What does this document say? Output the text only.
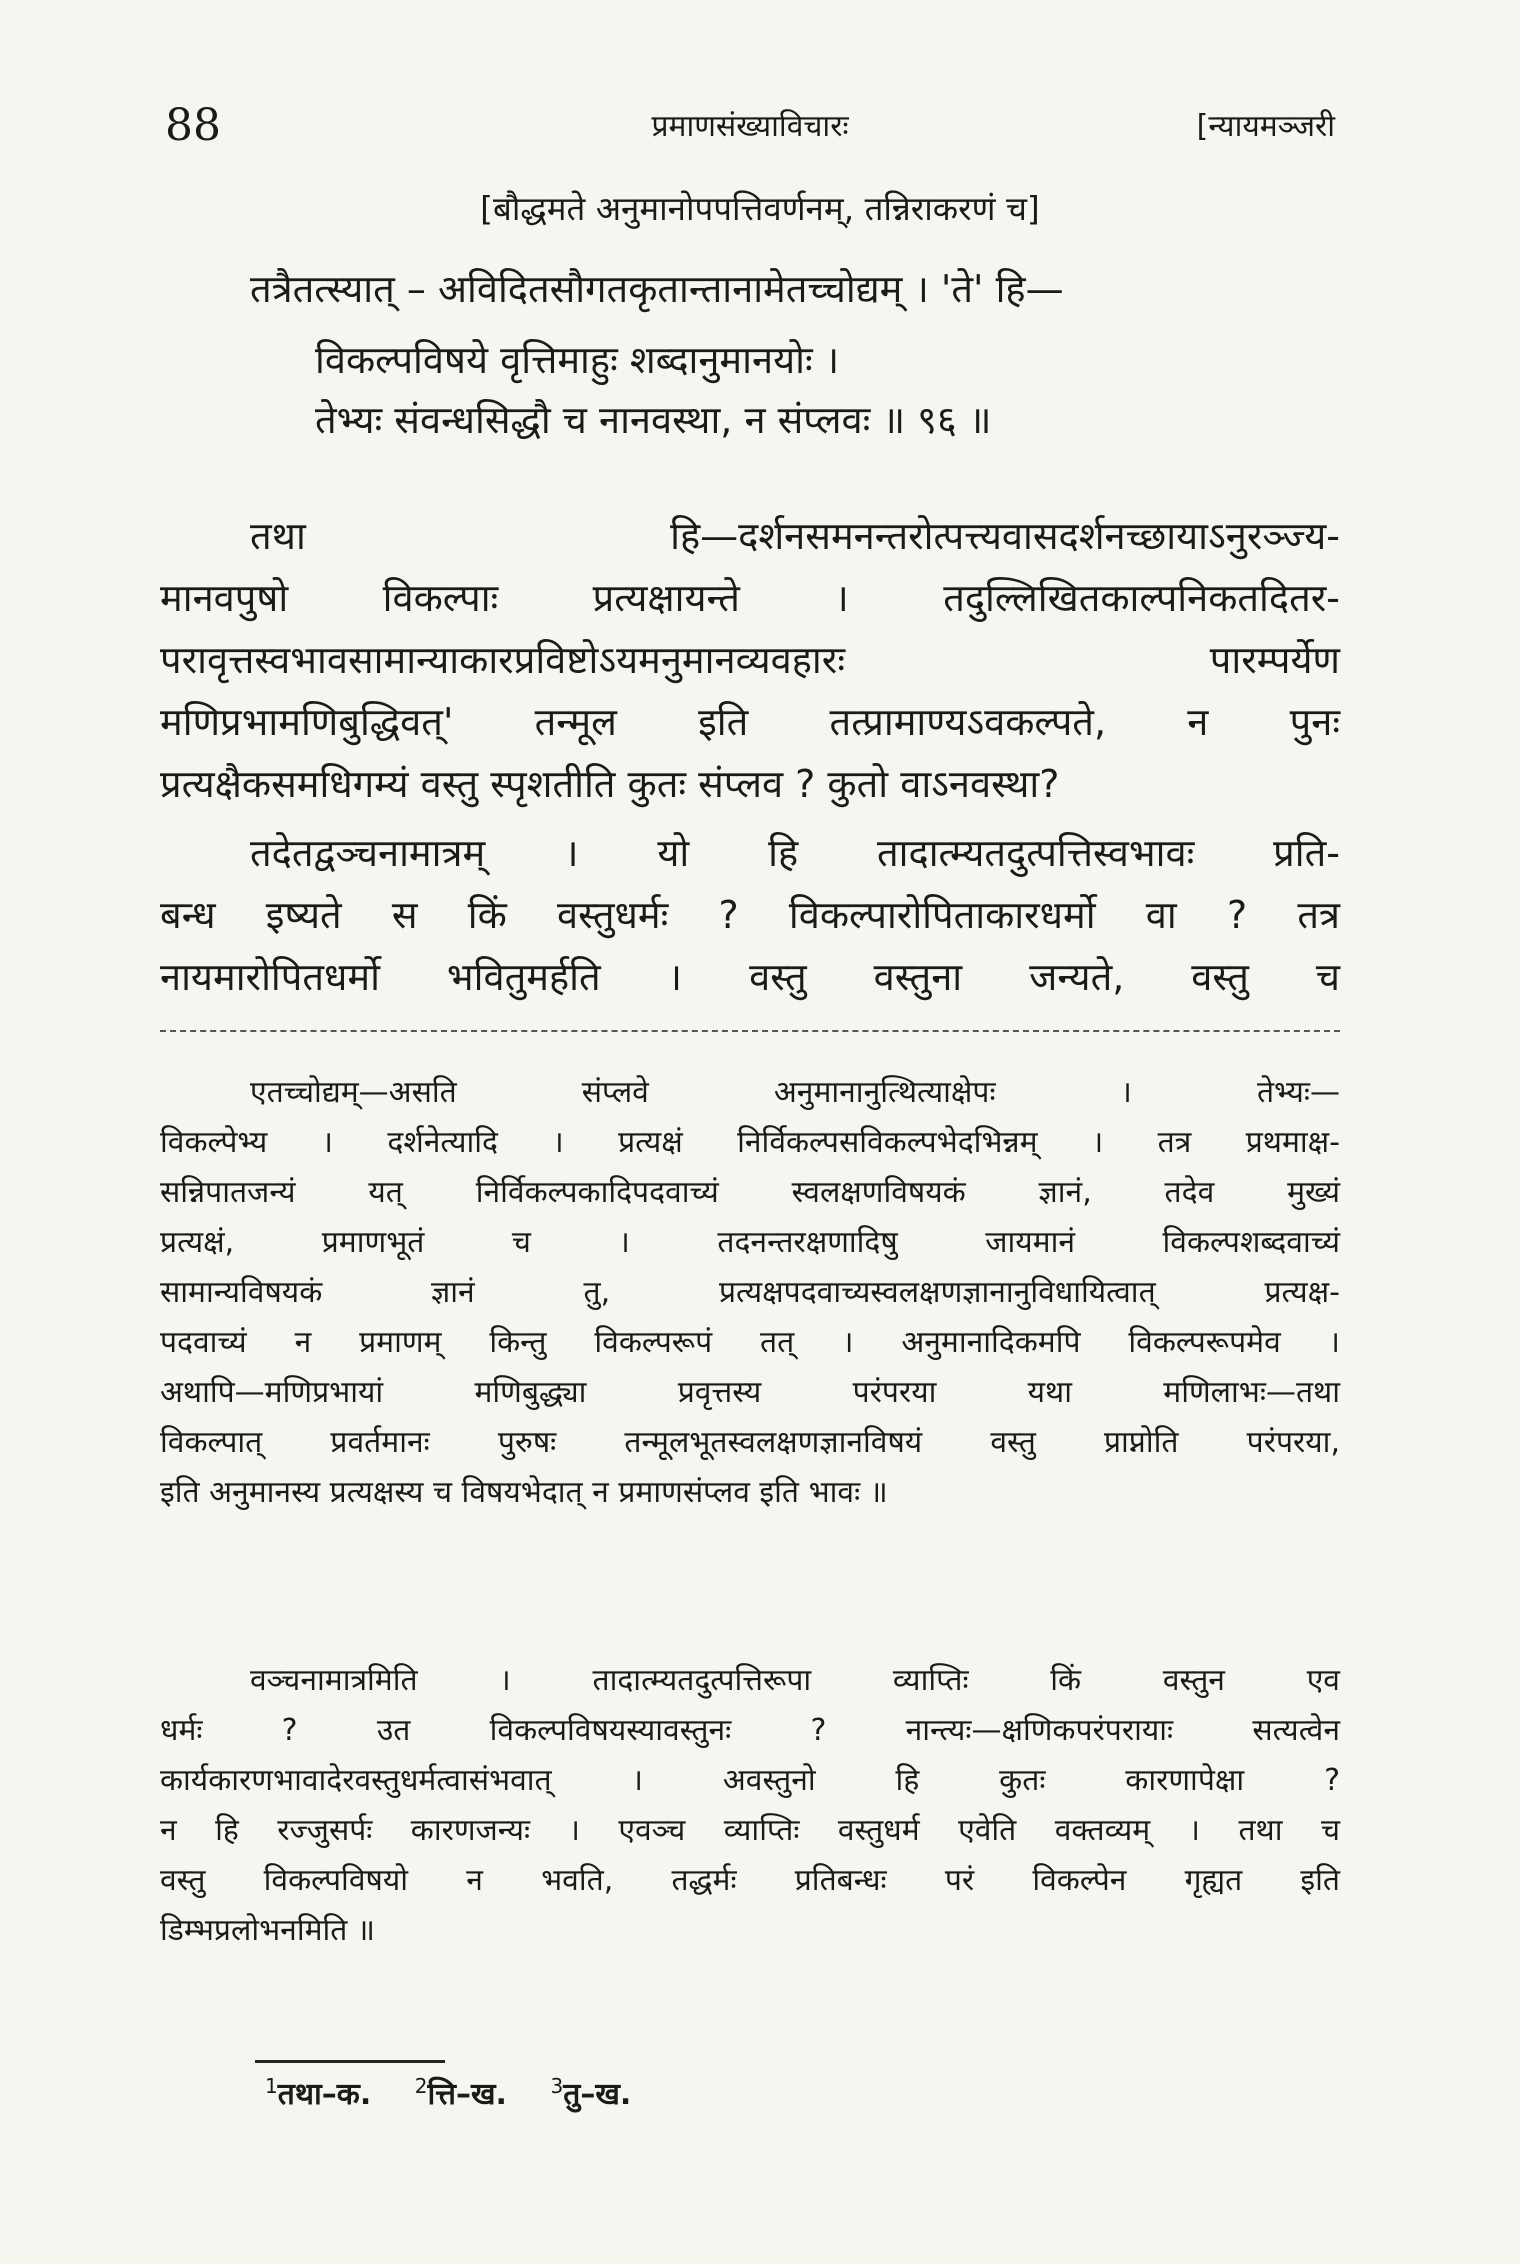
प्रमाणसंख्याविचारः
88	[न्यायमञ्जरी
[बौद्धमते अनुमानोपपत्तिवर्णनम्, तन्निराकरणं च]

तत्रैतत्स्यात् – अविदितसौगतकृतान्तानामेतच्चोद्यम् । 'ते' हि—

विकल्पविषये वृत्तिमाहुः शब्दानुमानयोः ।

तेभ्यः संवन्धसिद्धौ च नानवस्था, न संप्लवः ॥ ९६ ॥

तथा हि—दर्शनसमनन्तरोत्पत्त्यवासदर्शनच्छायाऽनुरञ्ज्य-

मानवपुषो विकल्पाः प्रत्यक्षायन्ते । तदुल्लिखितकाल्पनिकतदितर-

परावृत्तस्वभावसामान्याकारप्रविष्टोऽयमनुमानव्यवहारः पारम्पर्येण

मणिप्रभामणिबुद्धिवत्' तन्मूल इति तत्प्रामाण्यऽवकल्पते, न पुनः

प्रत्यक्षैकसमधिगम्यं वस्तु स्पृशतीति कुतः संप्लव ? कुतो वाऽनवस्था?

तदेतद्वञ्चनामात्रम् । यो हि तादात्म्यतदुत्पत्तिस्वभावः प्रति-

बन्ध इष्यते स किं वस्तुधर्मः ? विकल्पारोपिताकारधर्मो वा ? तत्र

नायमारोपितधर्मो भवितुमर्हति । वस्तु वस्तुना जन्यते, वस्तु च

एतच्चोद्यम्—असति संप्लवे अनुमानानुत्थित्याक्षेपः । तेभ्यः—

विकल्पेभ्य । दर्शनेत्यादि । प्रत्यक्षं निर्विकल्पसविकल्पभेदभिन्नम् । तत्र प्रथमाक्ष-

सन्निपातजन्यं यत् निर्विकल्पकादिपदवाच्यं स्वलक्षणविषयकं ज्ञानं, तदेव मुख्यं

प्रत्यक्षं, प्रमाणभूतं च । तदनन्तरक्षणादिषु जायमानं विकल्पशब्दवाच्यं

सामान्यविषयकं ज्ञानं तु, प्रत्यक्षपदवाच्यस्वलक्षणज्ञानानुविधायित्वात् प्रत्यक्ष-

पदवाच्यं न प्रमाणम् किन्तु विकल्परूपं तत् । अनुमानादिकमपि विकल्परूपमेव ।

अथापि—मणिप्रभायां मणिबुद्ध्या प्रवृत्तस्य परंपरया यथा मणिलाभः—तथा

विकल्पात् प्रवर्तमानः पुरुषः तन्मूलभूतस्वलक्षणज्ञानविषयं वस्तु प्राप्नोति परंपरया,

इति अनुमानस्य प्रत्यक्षस्य च विषयभेदात् न प्रमाणसंप्लव इति भावः ॥

वञ्चनामात्रमिति । तादात्म्यतदुत्पत्तिरूपा व्याप्तिः किं वस्तुन एव

धर्मः ? उत विकल्पविषयस्यावस्तुनः ? नान्त्यः—क्षणिकपरंपरायाः सत्यत्वेन

कार्यकारणभावादेरवस्तुधर्मत्वासंभवात् । अवस्तुनो हि कुतः कारणापेक्षा ?

न हि रज्जुसर्पः कारणजन्यः । एवञ्च व्याप्तिः वस्तुधर्म एवेति वक्तव्यम् । तथा च

वस्तु विकल्पविषयो न भवति, तद्धर्मः प्रतिबन्धः परं विकल्पेन गृह्यत इति

डिम्भप्रलोभनमिति ॥

$^1$तथा–क. $^2$त्ति–ख. $^3$तु–ख.
